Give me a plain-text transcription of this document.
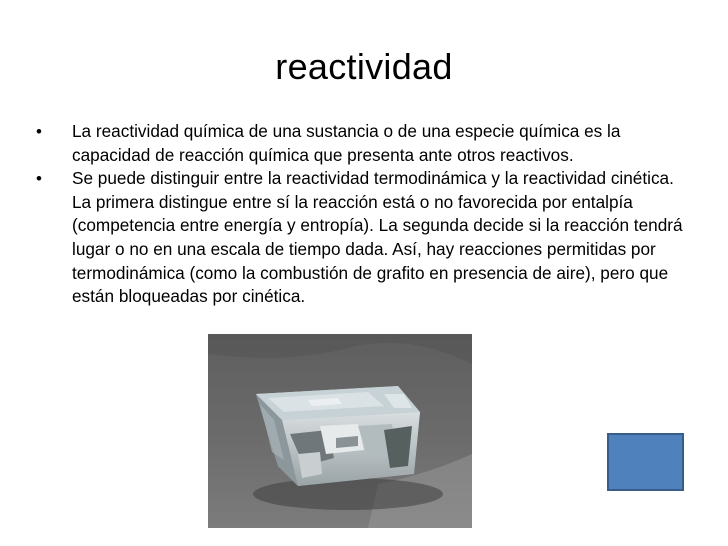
reactividad
•	La reactividad química de una sustancia o de una especie química es la capacidad de reacción química que presenta ante otros reactivos.
•	Se puede distinguir entre la reactividad termodinámica y la reactividad cinética. La primera distingue entre sí la reacción está o no favorecida por entalpía (competencia entre energía y entropía). La segunda decide si la reacción tendrá lugar o no en una escala de tiempo dada. Así, hay reacciones permitidas por termodinámica (como la combustión de grafito en presencia de aire), pero que están bloqueadas por cinética.
